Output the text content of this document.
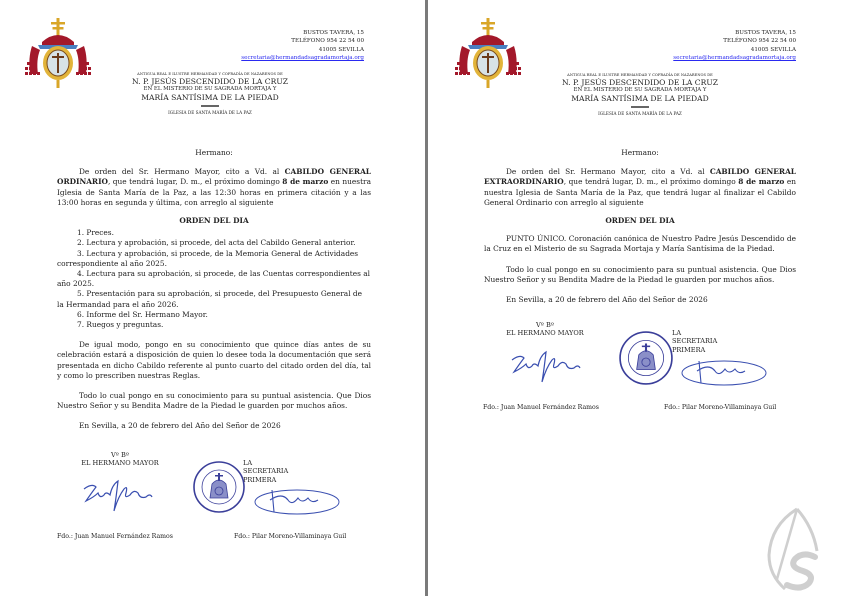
BUSTOS TAVERA, 15
TELÉFONO 954 22 54 00
41005 SEVILLA
secretaria@hermandadsagradamortaja.org
ANTIGUA REAL E ILUSTRE HERMANDAD Y COFRADÍA DE NAZARENOS DE
N. P. JESÚS DESCENDIDO DE LA CRUZ
EN EL MISTERIO DE SU SAGRADA MORTAJA Y
MARÍA SANTÍSIMA DE LA PIEDAD
IGLESIA DE SANTA MARÍA DE LA PAZ
Hermano:
De orden del Sr. Hermano Mayor, cito a Vd. al CABILDO GENERAL ORDINARIO, que tendrá lugar, D. m., el próximo domingo 8 de marzo en nuestra Iglesia de Santa María de la Paz, a las 12:30 horas en primera citación y a las 13:00 horas en segunda y última, con arreglo al siguiente
ORDEN DEL DIA
1. Preces.
2. Lectura y aprobación, si procede, del acta del Cabildo General anterior.
3. Lectura y aprobación, si procede, de la Memoria General de Actividades correspondiente al año 2025.
4. Lectura para su aprobación, si procede, de las Cuentas correspondientes al año 2025.
5. Presentación para su aprobación, si procede, del Presupuesto General de la Hermandad para el año 2026.
6. Informe del Sr. Hermano Mayor.
7. Ruegos y preguntas.
De igual modo, pongo en su conocimiento que quince días antes de su celebración estará a disposición de quien lo desee toda la documentación que será presentada en dicho Cabildo referente al punto cuarto del citado orden del día, tal y como lo prescriben nuestras Reglas.
Todo lo cual pongo en su conocimiento para su puntual asistencia. Que Dios Nuestro Señor y su Bendita Madre de la Piedad le guarden por muchos años.
En Sevilla, a 20 de febrero del Año del Señor de 2026
Vº Bº
EL HERMANO MAYOR	LA SECRETARIA PRIMERA
Fdo.: Juan Manuel Fernández Ramos	Fdo.: Pilar Moreno-Villaminaya Guil
BUSTOS TAVERA, 15
TELÉFONO 954 22 54 00
41005 SEVILLA
secretaria@hermandadsagradamortaja.org
ANTIGUA REAL E ILUSTRE HERMANDAD Y COFRADÍA DE NAZARENOS DE
N. P. JESÚS DESCENDIDO DE LA CRUZ
EN EL MISTERIO DE SU SAGRADA MORTAJA Y
MARÍA SANTÍSIMA DE LA PIEDAD
IGLESIA DE SANTA MARÍA DE LA PAZ
Hermano:
De orden del Sr. Hermano Mayor, cito a Vd. al CABILDO GENERAL EXTRAORDINARIO, que tendrá lugar, D. m., el próximo domingo 8 de marzo en nuestra Iglesia de Santa María de la Paz, que tendrá lugar al finalizar el Cabildo General Ordinario con arreglo al siguiente
ORDEN DEL DIA
PUNTO ÚNICO. Coronación canónica de Nuestro Padre Jesús Descendido de la Cruz en el Misterio de su Sagrada Mortaja y María Santísima de la Piedad.
Todo lo cual pongo en su conocimiento para su puntual asistencia. Que Dios Nuestro Señor y su Bendita Madre de la Piedad le guarden por muchos años.
En Sevilla, a 20 de febrero del Año del Señor de 2026
Vº Bº
EL HERMANO MAYOR	LA SECRETARIA PRIMERA
Fdo.: Juan Manuel Fernández Ramos	Fdo.: Pilar Moreno-Villaminaya Guil
